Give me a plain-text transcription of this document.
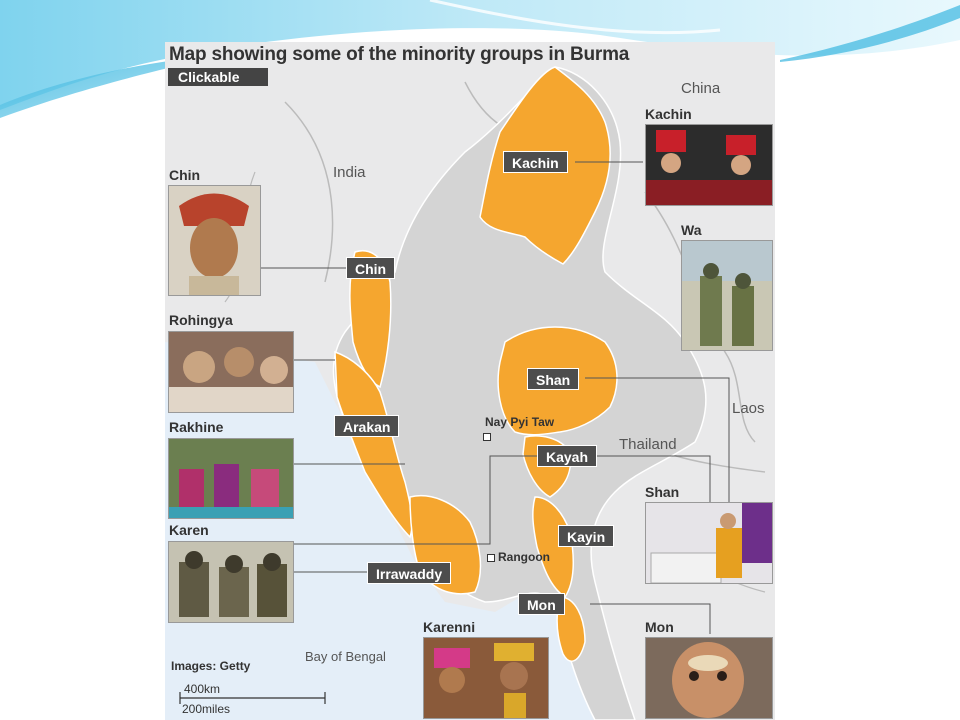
Map showing some of the minority groups in Burma
Clickable
China
India
Laos
Thailand
Bay of Bengal
Nay Pyi Taw
Rangoon
Kachin
Chin
Shan
Arakan
Kayah
Kayin
Irrawaddy
Mon
Chin
Rohingya
Rakhine
Karen
Kachin
Wa
Shan
Karenni	Mon
Images: Getty
400km
200miles
